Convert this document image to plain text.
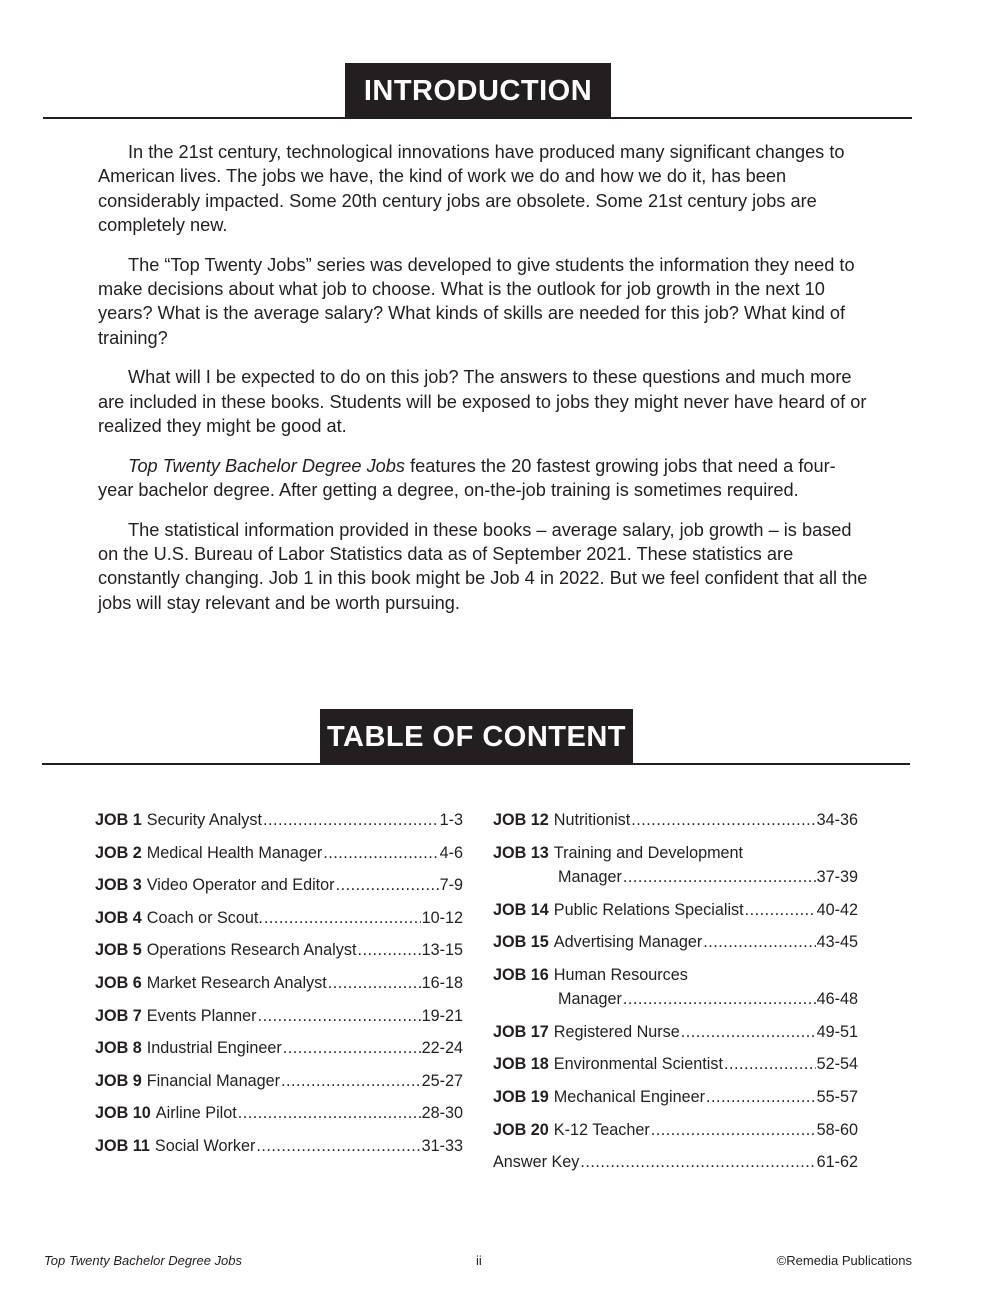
INTRODUCTION

In the 21st century, technological innovations have produced many significant changes to American lives. The jobs we have, the kind of work we do and how we do it, has been considerably impacted. Some 20th century jobs are obsolete. Some 21st century jobs are completely new.

The “Top Twenty Jobs” series was developed to give students the information they need to make decisions about what job to choose. What is the outlook for job growth in the next 10 years? What is the average salary? What kinds of skills are needed for this job? What kind of training?

What will I be expected to do on this job? The answers to these questions and much more are included in these books. Students will be exposed to jobs they might never have heard of or realized they might be good at.

Top Twenty Bachelor Degree Jobs features the 20 fastest growing jobs that need a four-year bachelor degree. After getting a degree, on-the-job training is sometimes required.

The statistical information provided in these books – average salary, job growth – is based on the U.S. Bureau of Labor Statistics data as of September 2021. These statistics are constantly changing. Job 1 in this book might be Job 4 in 2022. But we feel confident that all the jobs will stay relevant and be worth pursuing.

TABLE OF CONTENT
JOB 1 Security Analyst .....	1-3
JOB 2 Medical Health Manager .....	4-6
JOB 3 Video Operator and Editor .....	7-9
JOB 4 Coach or Scout. .....	10-12
JOB 5 Operations Research Analyst .....	13-15
JOB 6 Market Research Analyst .....	16-18
JOB 7 Events Planner .....	19-21
JOB 8 Industrial Engineer .....	22-24
JOB 9 Financial Manager .....	25-27
JOB 10 Airline Pilot .....	28-30
JOB 11 Social Worker .....	31-33
JOB 12 Nutritionist .....	34-36
JOB 13 Training and Development
Manager .....	37-39
JOB 14 Public Relations Specialist .....	40-42
JOB 15 Advertising Manager .....	43-45
JOB 16 Human Resources
Manager .....	46-48
JOB 17 Registered Nurse .....	49-51
JOB 18 Environmental Scientist .....	52-54
JOB 19 Mechanical Engineer .....	55-57
JOB 20 K-12 Teacher .....	58-60
Answer Key .....	61-62
Top Twenty Bachelor Degree Jobs	ii	©Remedia Publications
